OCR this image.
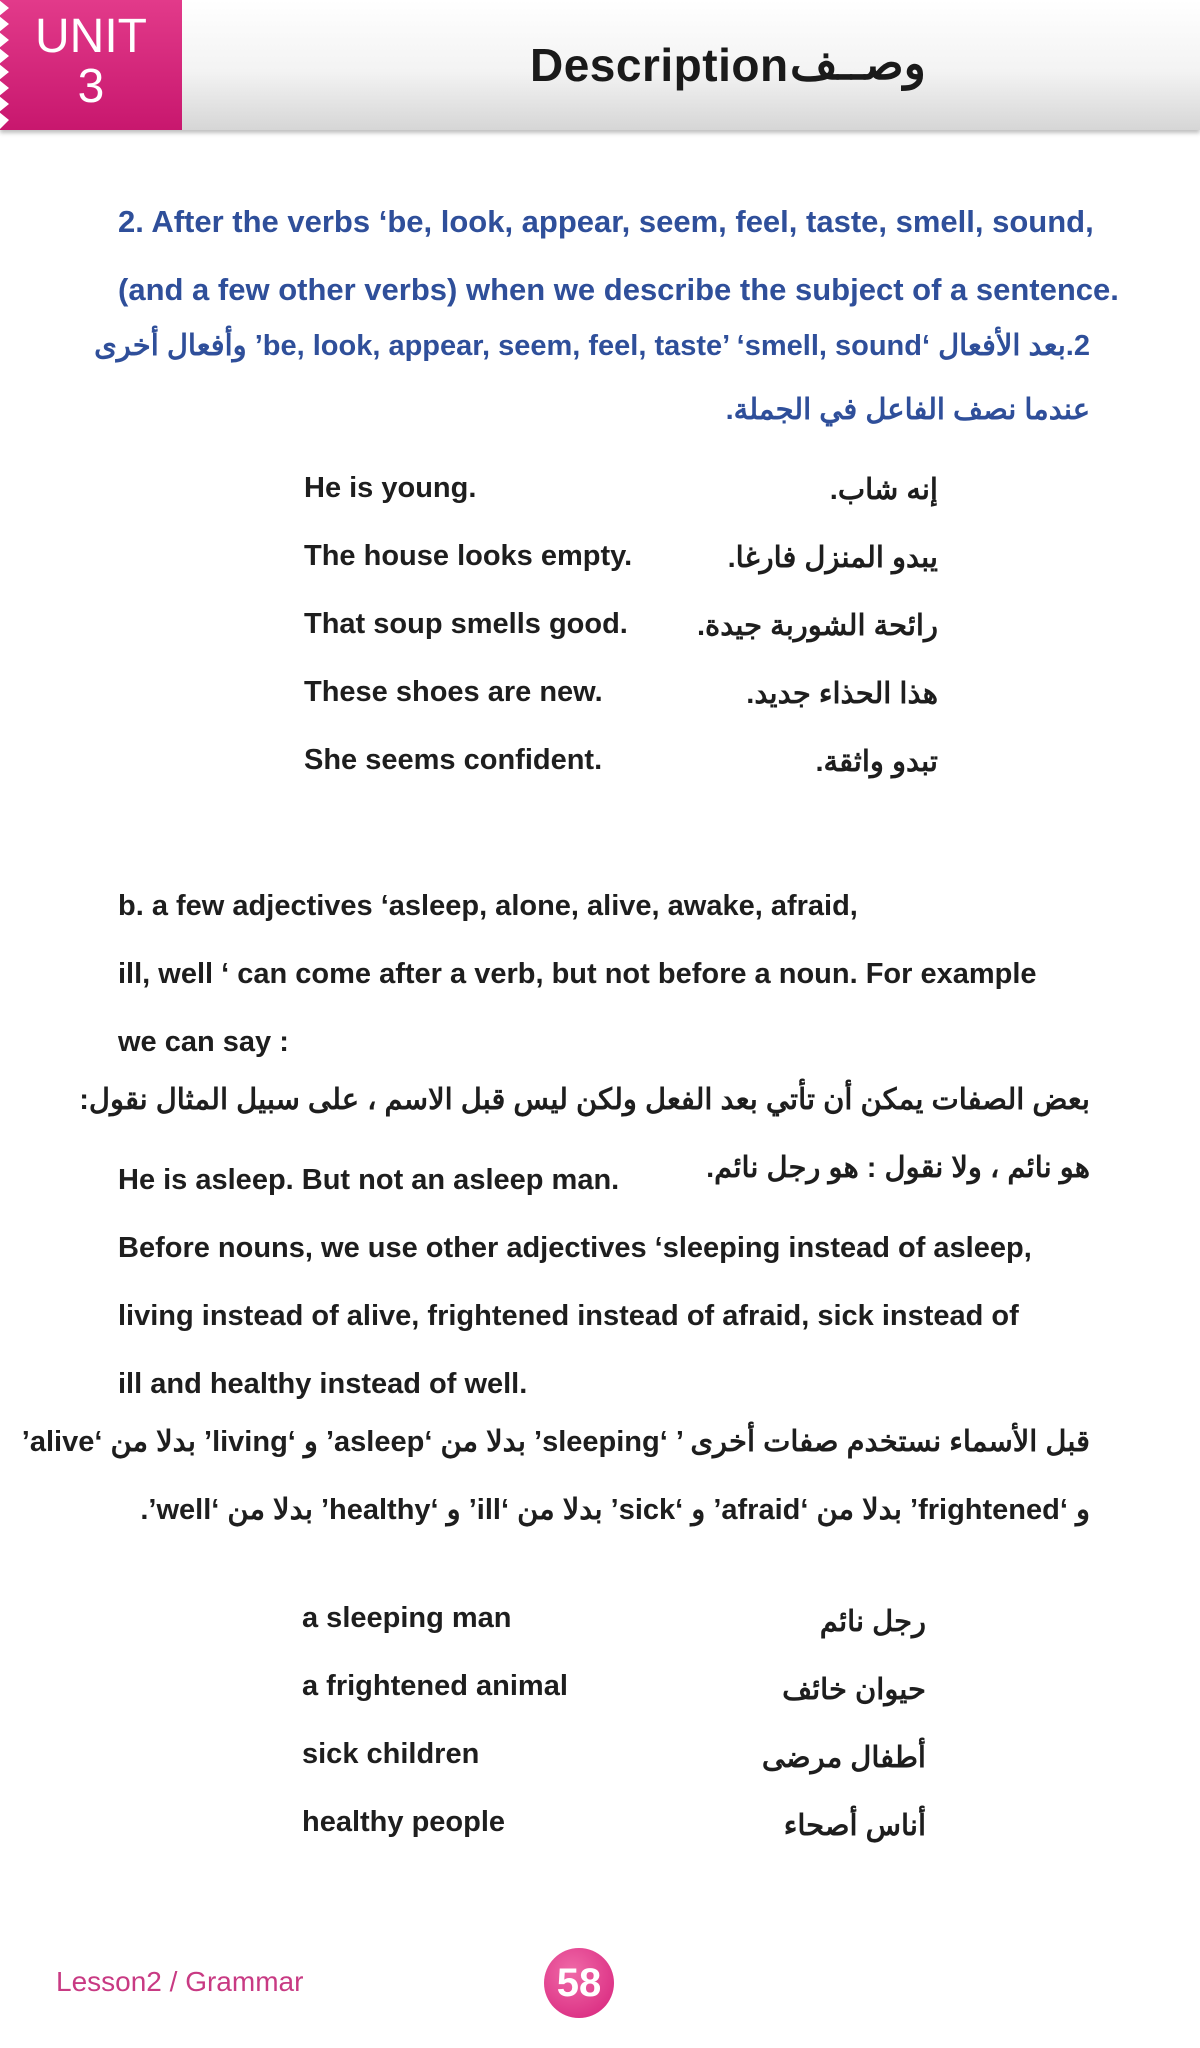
UNIT
3	Description وصــف
2. After the verbs ‘be, look, appear, seem, feel, taste, smell, sound,
(and a few other verbs) when we describe the subject of a sentence.
2.بعد الأفعال ‘be, look, appear, seem, feel, taste’ ‘smell, sound’ وأفعال أخرى
عندما نصف الفاعل في الجملة.
He is young.	إنه شاب.
The house looks empty.	يبدو المنزل فارغا.
That soup smells good. رائحة الشوربة جيدة.
These shoes are new.	هذا الحذاء جديد.
She seems confident.	تبدو واثقة.
b. a few adjectives ‘asleep, alone, alive, awake, afraid,
ill, well ‘ can come after a verb, but not before a noun. For example
we can say :
بعض الصفات يمكن أن تأتي بعد الفعل ولكن ليس قبل الاسم ، على سبيل المثال نقول:
هو نائم ، ولا نقول : هو رجل نائم.
He is asleep. But not an asleep man.
Before nouns, we use other adjectives ‘sleeping instead of asleep,
living instead of alive, frightened instead of afraid, sick instead of
ill and healthy instead of well.
قبل الأسماء نستخدم صفات أخرى ’ ‘sleeping’ بدلا من ‘asleep’ و ‘living’ بدلا من ‘alive’
و ‘frightened’ بدلا من ‘afraid’ و ‘sick’ بدلا من ‘ill’ و ‘healthy’ بدلا من ‘well’.
a sleeping man	رجل نائم
a frightened animal	حيوان خائف
sick children	أطفال مرضى
healthy people	أناس أصحاء
Lesson2 / Grammar	58
